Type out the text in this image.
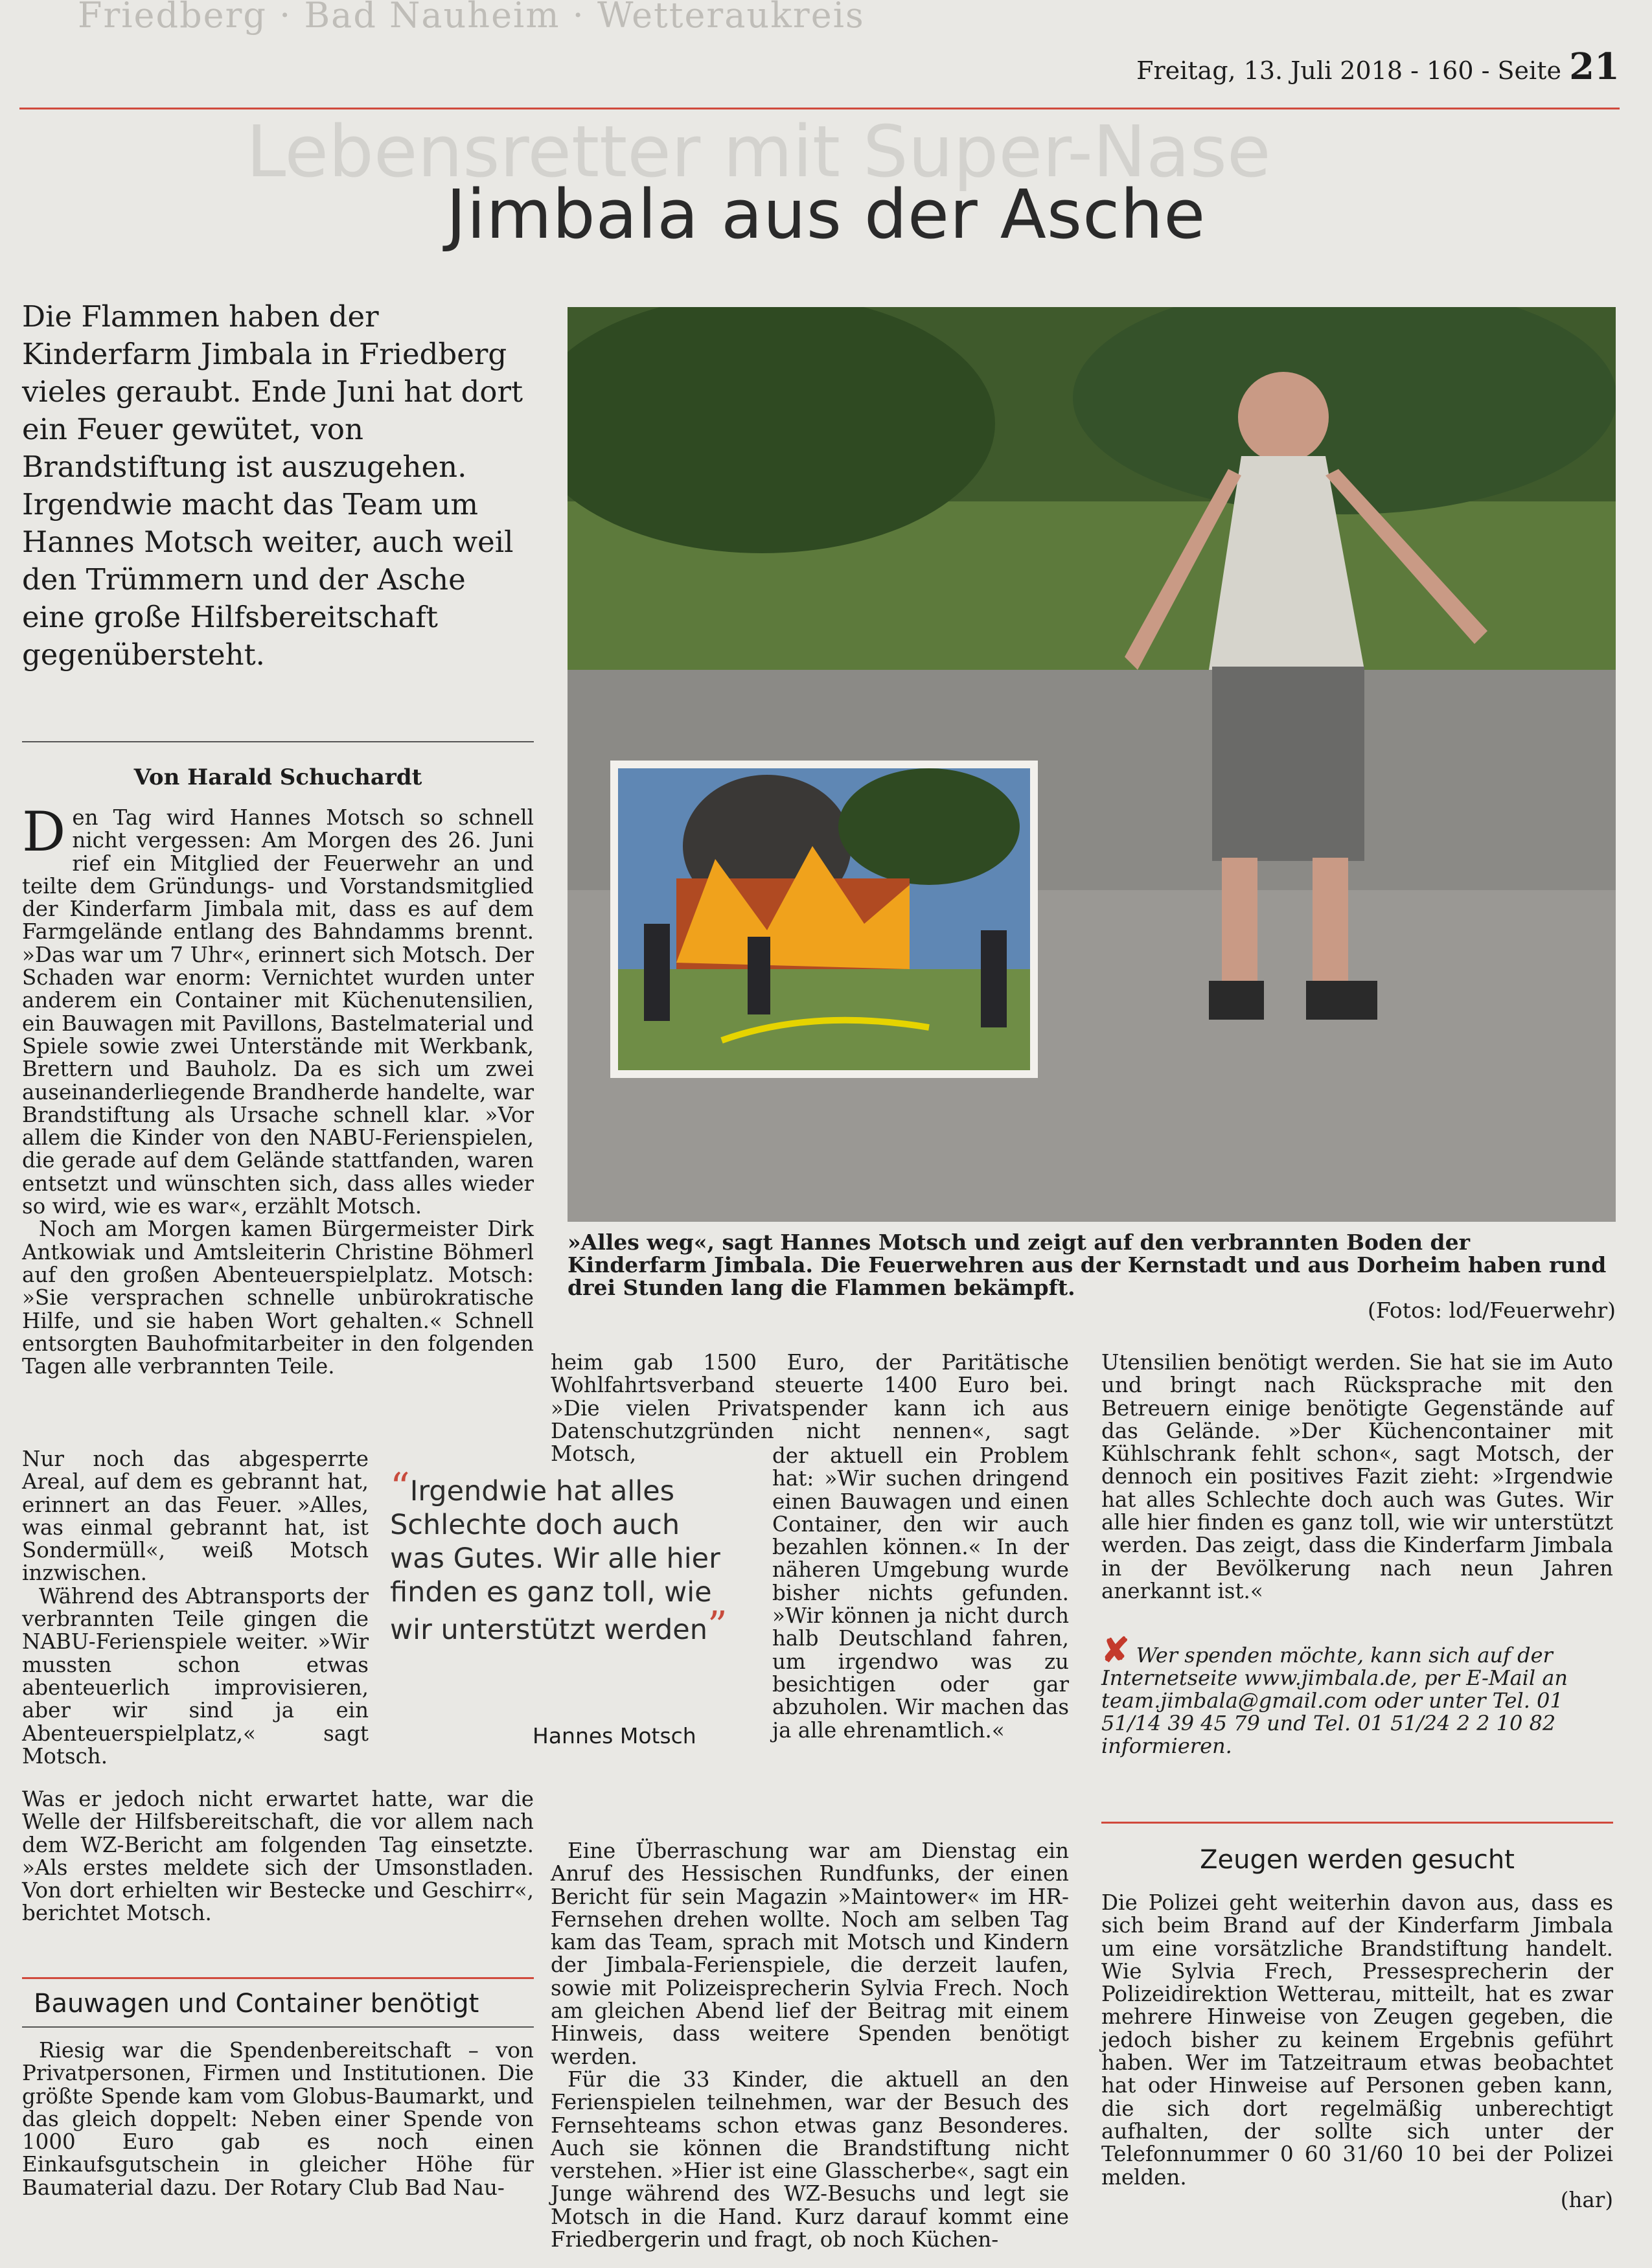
Friedberg · Bad Nauheim · Wetteraukreis
Lebensretter mit Super-Nase
Freitag, 13. Juli 2018 - 160 - Seite 21
Jimbala aus der Asche
Die Flammen haben der Kinderfarm Jimbala in Friedberg vieles geraubt. Ende Juni hat dort ein Feuer gewütet, von Brandstiftung ist auszugehen. Irgendwie macht das Team um Hannes Motsch weiter, auch weil den Trümmern und der Asche eine große Hilfsbereitschaft gegenübersteht.
Von Harald Schuchardt

Den Tag wird Hannes Motsch so schnell nicht vergessen: Am Morgen des 26. Juni rief ein Mitglied der Feuerwehr an und teilte dem Gründungs- und Vorstandsmitglied der Kinderfarm Jimbala mit, dass es auf dem Farmgelände entlang des Bahndamms brennt. »Das war um 7 Uhr«, erinnert sich Motsch. Der Schaden war enorm: Vernichtet wurden unter anderem ein Container mit Küchenutensilien, ein Bauwagen mit Pavillons, Bastelmaterial und Spiele sowie zwei Unterstände mit Werkbank, Brettern und Bauholz. Da es sich um zwei auseinanderliegende Brandherde handelte, war Brandstiftung als Ursache schnell klar. »Vor allem die Kinder von den NABU-Ferienspielen, die gerade auf dem Gelände stattfanden, waren entsetzt und wünschten sich, dass alles wieder so wird, wie es war«, erzählt Motsch.

Noch am Morgen kamen Bürgermeister Dirk Antkowiak und Amtsleiterin Christine Böhmerl auf den großen Abenteuerspielplatz. Motsch: »Sie versprachen schnelle unbürokratische Hilfe, und sie haben Wort gehalten.« Schnell entsorgten Bauhofmitarbeiter in den folgenden Tagen alle verbrannten Teile.

Nur noch das abgesperrte Areal, auf dem es gebrannt hat, erinnert an das Feuer. »Alles, was einmal gebrannt hat, ist Sondermüll«, weiß Motsch inzwischen.

Während des Abtransports der verbrannten Teile gingen die NABU-Ferienspiele weiter. »Wir mussten schon etwas abenteuerlich improvisieren, aber wir sind ja ein Abenteuerspielplatz,« sagt Motsch.

Was er jedoch nicht erwartet hatte, war die Welle der Hilfsbereitschaft, die vor allem nach dem WZ-Bericht am folgenden Tag einsetzte. »Als erstes meldete sich der Umsonstladen. Von dort erhielten wir Bestecke und Geschirr«, berichtet Motsch.

Bauwagen und Container benötigt

Riesig war die Spendenbereitschaft – von Privatpersonen, Firmen und Institutionen. Die größte Spende kam vom Globus-Baumarkt, und das gleich doppelt: Neben einer Spende von 1000 Euro gab es noch einen Einkaufsgutschein in gleicher Höhe für Baumaterial dazu. Der Rotary Club Bad Nau-

»Alles weg«, sagt Hannes Motsch und zeigt auf den verbrannten Boden der Kinderfarm Jimbala. Die Feuerwehren aus der Kernstadt und aus Dorheim haben rund drei Stunden lang die Flammen bekämpft.
(Fotos: lod/Feuerwehr)

heim gab 1500 Euro, der Paritätische Wohlfahrtsverband steuerte 1400 Euro bei. »Die vielen Privatspender kann ich aus Datenschutzgründen nicht nennen«, sagt Motsch,	der aktuell ein Problem hat: »Wir suchen dringend einen Bauwagen und einen Container, den wir auch bezahlen können.« In der näheren Umgebung wurde bisher nichts gefunden. »Wir können ja nicht durch halb Deutschland fahren, um irgendwo was zu besichtigen oder gar abzuholen. Wir machen das ja alle ehrenamtlich.«

Eine Überraschung war am Dienstag ein Anruf des Hessischen Rundfunks, der einen Bericht für sein Magazin »Maintower« im HR-Fernsehen drehen wollte. Noch am selben Tag kam das Team, sprach mit Motsch und Kindern der Jimbala-Ferienspiele, die derzeit laufen, sowie mit Polizeisprecherin Sylvia Frech. Noch am gleichen Abend lief der Beitrag mit einem Hinweis, dass weitere Spenden benötigt werden.

Für die 33 Kinder, die aktuell an den Ferienspielen teilnehmen, war der Besuch des Fernsehteams schon etwas ganz Besonderes. Auch sie können die Brandstiftung nicht verstehen. »Hier ist eine Glasscherbe«, sagt ein Junge während des WZ-Besuchs und legt sie Motsch in die Hand. Kurz darauf kommt eine Friedbergerin und fragt, ob noch Küchen-

“Irgendwie hat alles Schlechte doch auch was Gutes. Wir alle hier finden es ganz toll, wie wir unterstützt werden”
Hannes Motsch

Utensilien benötigt werden. Sie hat sie im Auto und bringt nach Rücksprache mit den Betreuern einige benötigte Gegenstände auf das Gelände. »Der Küchencontainer mit Kühlschrank fehlt schon«, sagt Motsch, der dennoch ein positives Fazit zieht: »Irgendwie hat alles Schlechte doch auch was Gutes. Wir alle hier finden es ganz toll, wie wir unterstützt werden. Das zeigt, dass die Kinderfarm Jimbala in der Bevölkerung nach neun Jahren anerkannt ist.«

✘ Wer spenden möchte, kann sich auf der Internetseite www.jimbala.de, per E-Mail an team.jimbala@gmail.com oder unter Tel. 01 51/14 39 45 79 und Tel. 01 51/24 2 2 10 82 informieren.
Zeugen werden gesucht

Die Polizei geht weiterhin davon aus, dass es sich beim Brand auf der Kinderfarm Jimbala um eine vorsätzliche Brandstiftung handelt. Wie Sylvia Frech, Pressesprecherin der Polizeidirektion Wetterau, mitteilt, hat es zwar mehrere Hinweise von Zeugen gegeben, die jedoch bisher zu keinem Ergebnis geführt haben. Wer im Tatzeitraum etwas beobachtet hat oder Hinweise auf Personen geben kann, die sich dort regelmäßig unberechtigt aufhalten, der sollte sich unter der Telefonnummer 0 60 31/60 10 bei der Polizei melden.

(har)
